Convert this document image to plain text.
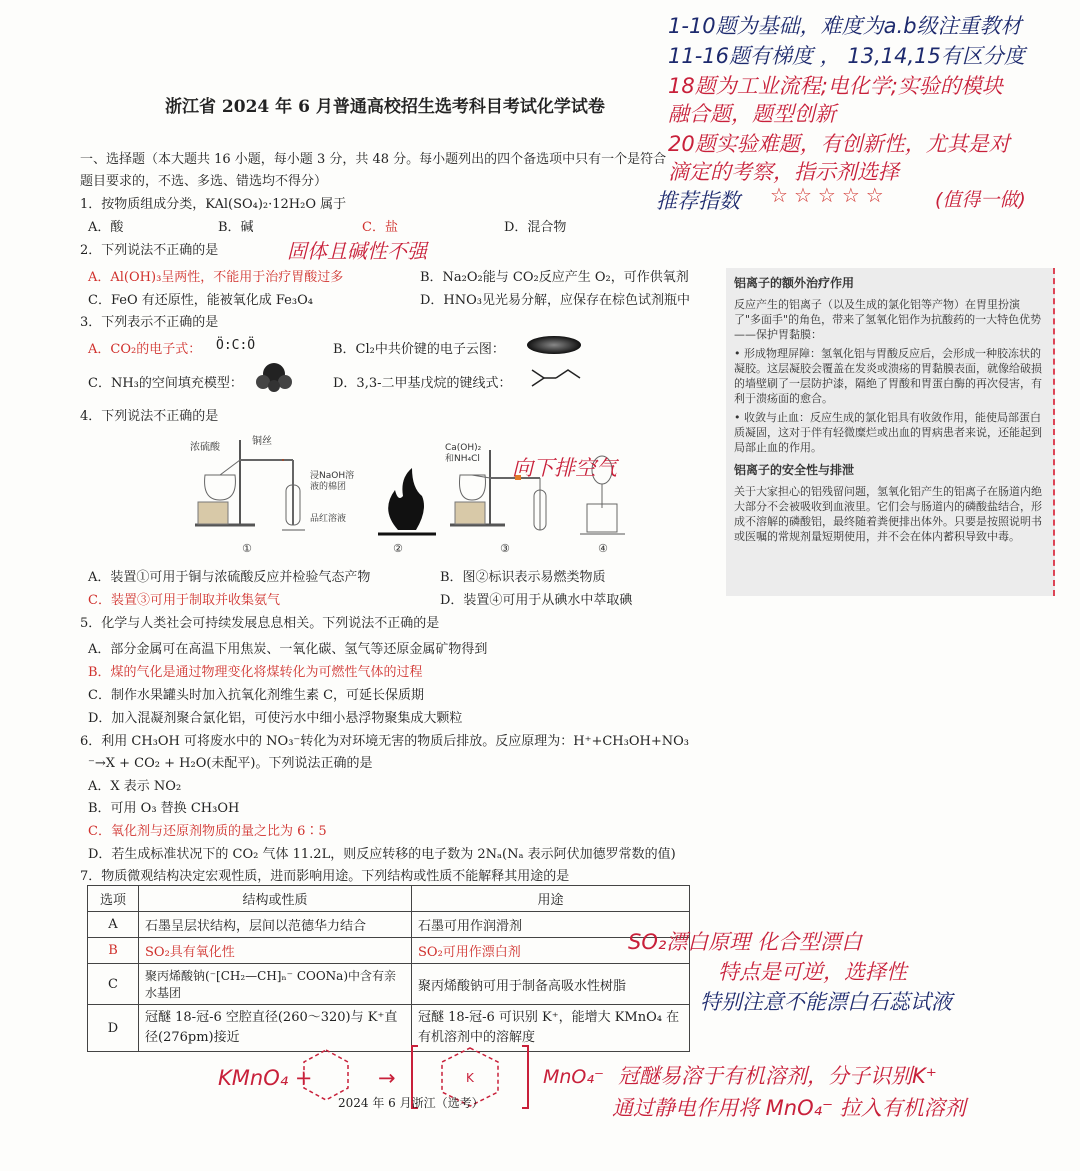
1-10题为基础，难度为a.b级注重教材
11-16题有梯度 ， 13,14,15有区分度
18题为工业流程;电化学;实验的模块
融合题，题型创新
20题实验难题，有创新性，尤其是对
滴定的考察，指示剂选择
推荐指数 ☆ ☆ ☆ ☆ ☆	(值得一做)
浙江省 2024 年 6 月普通高校招生选考科目考试化学试卷
一、选择题（本大题共 16 小题，每小题 3 分，共 48 分。每小题列出的四个备选项中只有一个是符合
题目要求的，不选、多选、错选均不得分）
1．按物质组成分类，KAl(SO₄)₂·12H₂O 属于
A．酸	B．碱	C．盐	D．混合物
2．下列说法不正确的是	固体且碱性不强
A．Al(OH)₃呈两性，不能用于治疗胃酸过多	B．Na₂O₂能与 CO₂反应产生 O₂，可作供氧剂
C．FeO 有还原性，能被氧化成 Fe₃O₄	D．HNO₃见光易分解，应保存在棕色试剂瓶中
3．下列表示不正确的是
A．CO₂的电子式： Ö:C:Ö	B．Cl₂中共价键的电子云图：
C．NH₃的空间填充模型：	D．3,3-二甲基戊烷的键线式：
4．下列说法不正确的是
浓硫酸
铜丝
浸NaOH溶
液的棉团
品红溶液
①	②
Ca(OH)₂
和NH₄Cl
③	④
向下排空气
A．装置①可用于铜与浓硫酸反应并检验气态产物	B．图②标识表示易燃类物质
C．装置③可用于制取并收集氨气	D．装置④可用于从碘水中萃取碘
5．化学与人类社会可持续发展息息相关。下列说法不正确的是
A．部分金属可在高温下用焦炭、一氧化碳、氢气等还原金属矿物得到
B．煤的气化是通过物理变化将煤转化为可燃性气体的过程
C．制作水果罐头时加入抗氧化剂维生素 C，可延长保质期
D．加入混凝剂聚合氯化铝，可使污水中细小悬浮物聚集成大颗粒
6．利用 CH₃OH 可将废水中的 NO₃⁻转化为对环境无害的物质后排放。反应原理为：H⁺+CH₃OH+NO₃
⁻→X + CO₂ + H₂O(未配平)。下列说法正确的是
A．X 表示 NO₂
B．可用 O₃ 替换 CH₃OH
C．氧化剂与还原剂物质的量之比为 6∶5
D．若生成标准状况下的 CO₂ 气体 11.2L，则反应转移的电子数为 2Nₐ(Nₐ 表示阿伏加德罗常数的值)
7．物质微观结构决定宏观性质，进而影响用途。下列结构或性质不能解释其用途的是
选项	结构或性质	用途
A	石墨呈层状结构，层间以范德华力结合	石墨可用作润滑剂
B	SO₂具有氧化性	SO₂可用作漂白剂
C	聚丙烯酸钠(⁻[CH₂—CH]ₙ⁻ COONa)中含有亲水基团	聚丙烯酸钠可用于制备高吸水性树脂
D	冠醚 18-冠-6 空腔直径(260～320)与 K⁺直径(276pm)接近	冠醚 18-冠-6 可识别 K⁺，能增大 KMnO₄ 在有机溶剂中的溶解度
SO₂漂白原理 化合型漂白
特点是可逆，选择性
特别注意不能漂白石蕊试液
KMnO₄ +	→	K	MnO₄⁻ 冠醚易溶于有机溶剂，分子识别K⁺
通过静电作用将 MnO₄⁻ 拉入有机溶剂
2024 年 6 月浙江（选考）
铝离子的额外治疗作用

反应产生的铝离子（以及生成的氯化铝等产物）在胃里扮演了"多面手"的角色，带来了氢氧化铝作为抗酸药的一大特色优势——保护胃黏膜：

• 形成物理屏障：氢氧化铝与胃酸反应后，会形成一种胶冻状的凝胶。这层凝胶会覆盖在发炎或溃疡的胃黏膜表面，就像给破损的墙壁刷了一层防护漆，隔绝了胃酸和胃蛋白酶的再次侵害，有利于溃疡面的愈合。

• 收敛与止血：反应生成的氯化铝具有收敛作用，能使局部蛋白质凝固，这对于伴有轻微糜烂或出血的胃病患者来说，还能起到局部止血的作用。

铝离子的安全性与排泄

关于大家担心的铝残留问题，氢氧化铝产生的铝离子在肠道内绝大部分不会被吸收到血液里。它们会与肠道内的磷酸盐结合，形成不溶解的磷酸铝，最终随着粪便排出体外。只要是按照说明书或医嘱的常规剂量短期使用，并不会在体内蓄积导致中毒。
